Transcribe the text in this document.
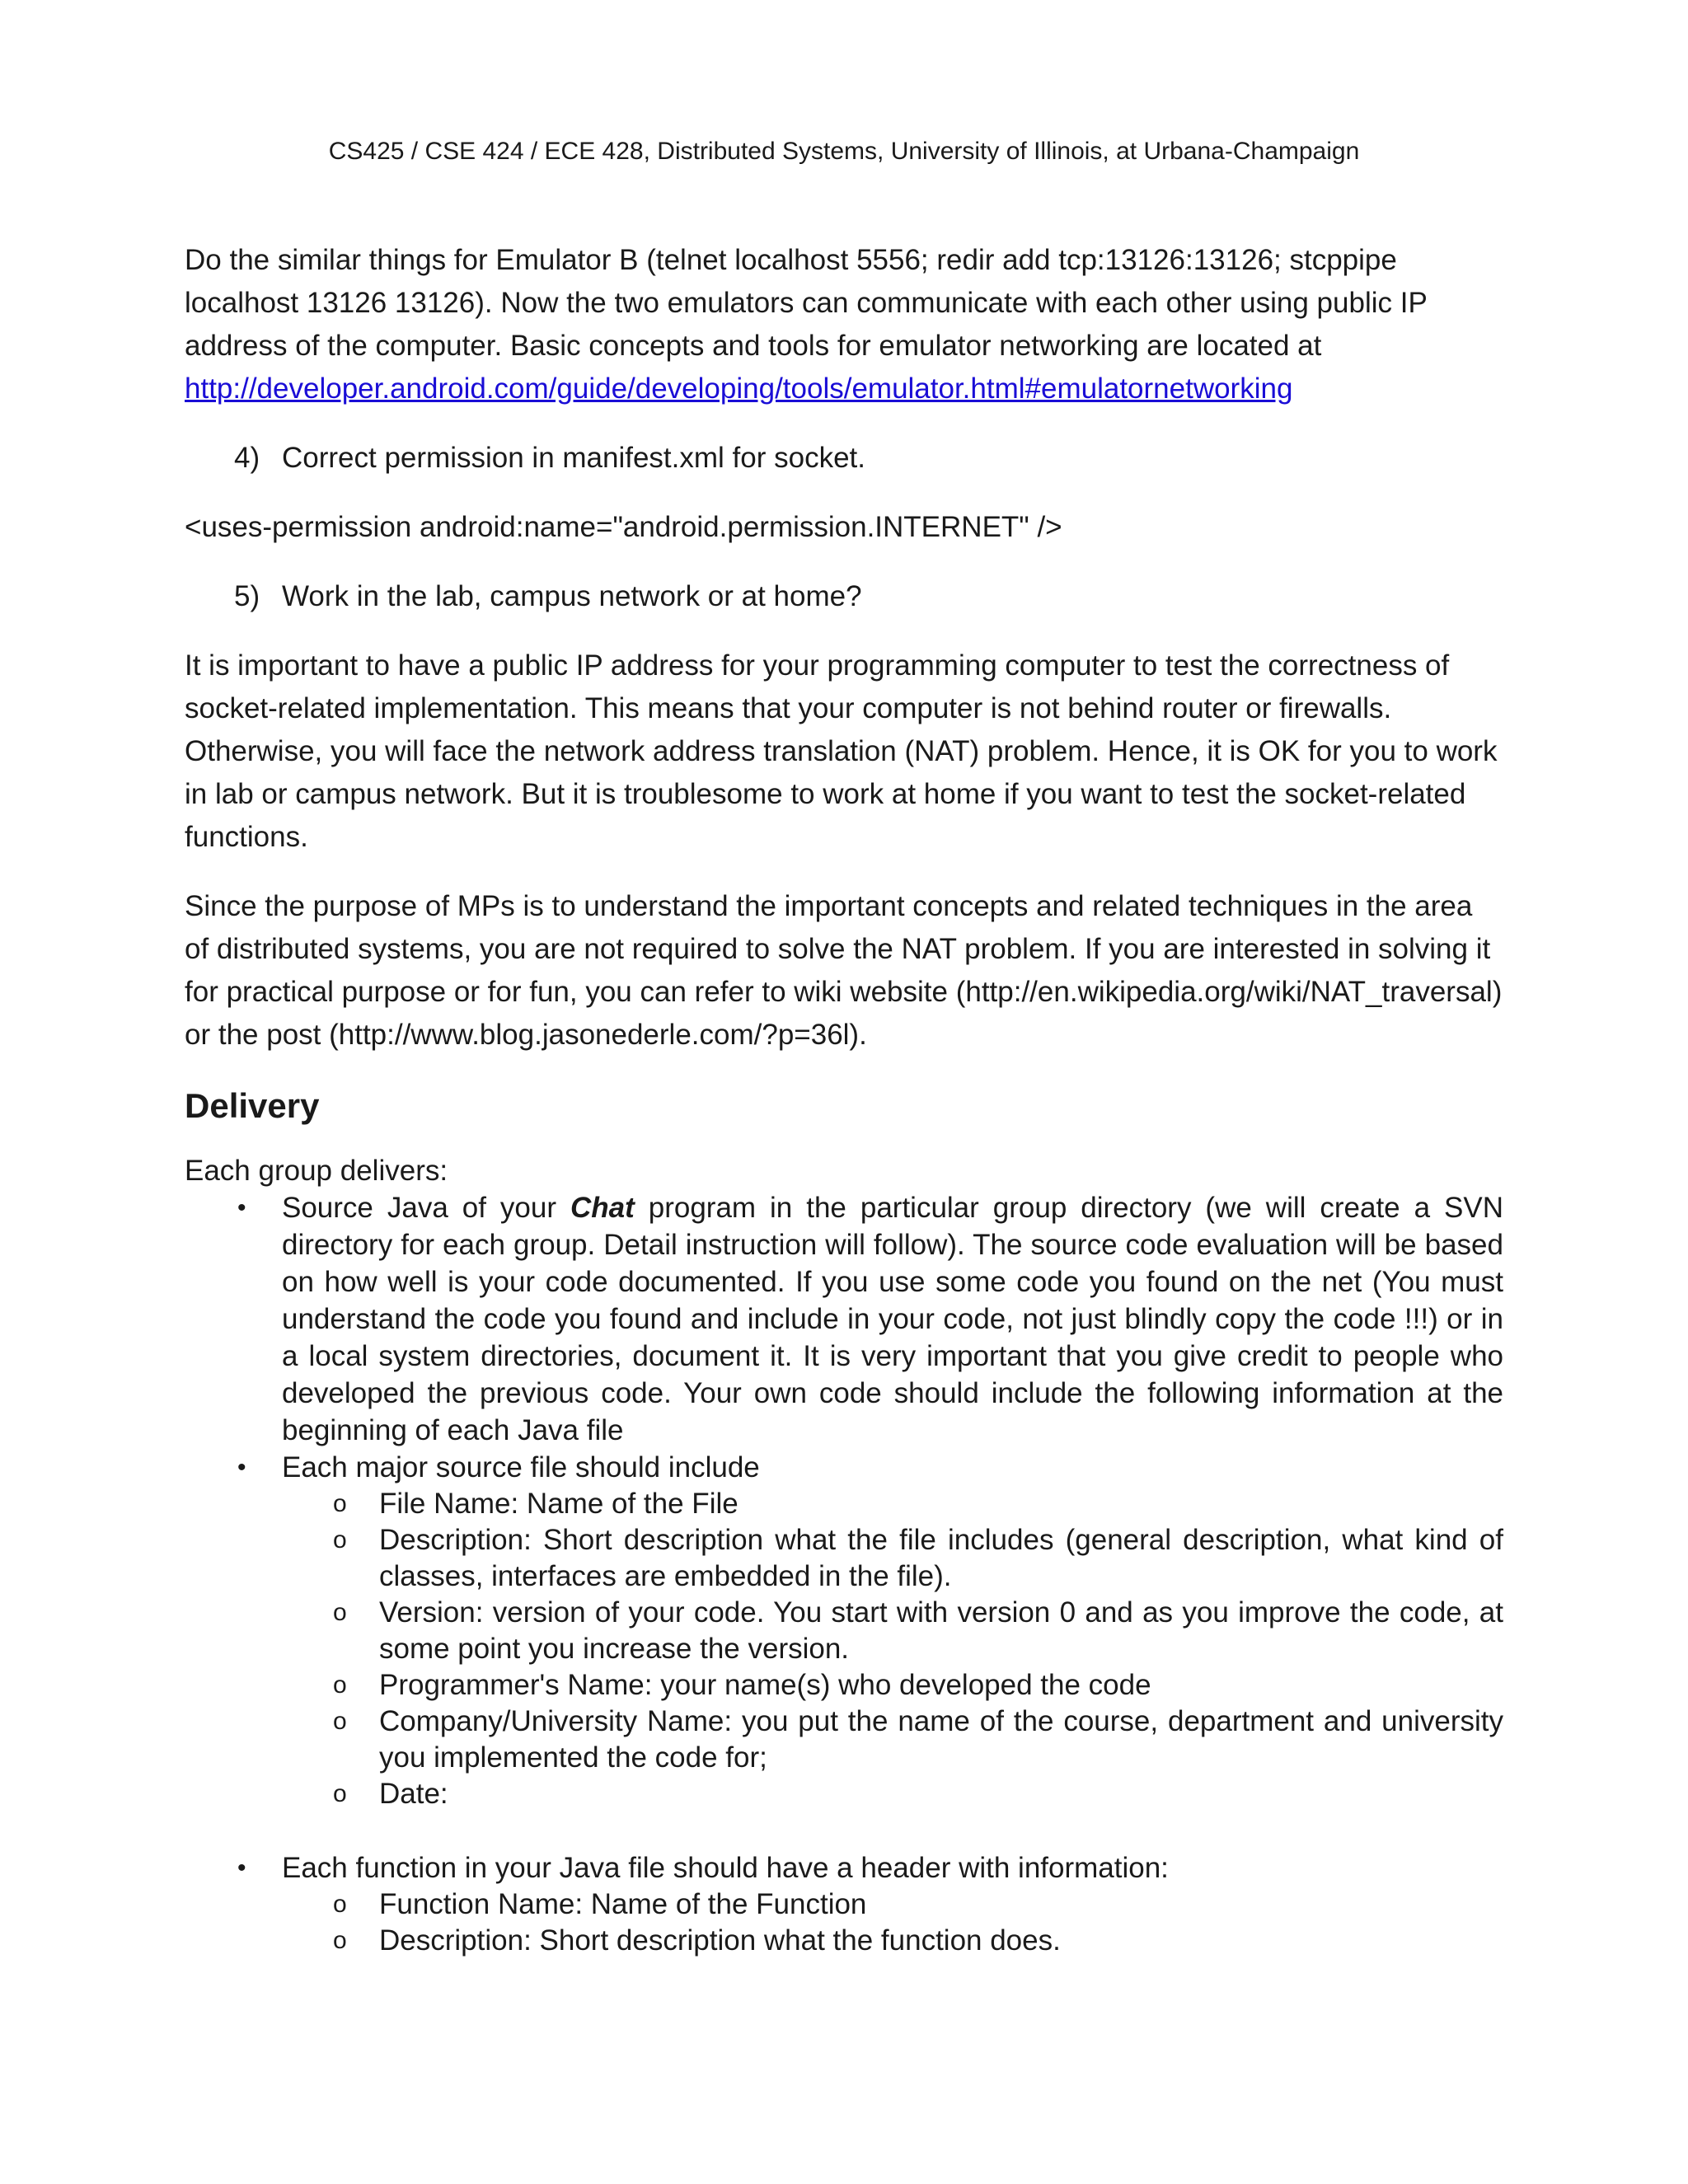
CS425 / CSE 424 / ECE 428, Distributed Systems, University of Illinois, at Urbana-Champaign

Do the similar things for Emulator B (telnet localhost 5556; redir add tcp:13126:13126; stcppipe localhost 13126 13126). Now the two emulators can communicate with each other using public IP address of the computer. Basic concepts and tools for emulator networking are located at
http://developer.android.com/guide/developing/tools/emulator.html#emulatornetworking

4) Correct permission in manifest.xml for socket.
<uses-permission android:name="android.permission.INTERNET" />
5) Work in the lab, campus network or at home?

It is important to have a public IP address for your programming computer to test the correctness of socket-related implementation. This means that your computer is not behind router or firewalls. Otherwise, you will face the network address translation (NAT) problem. Hence, it is OK for you to work in lab or campus network. But it is troublesome to work at home if you want to test the socket-related functions.

Since the purpose of MPs is to understand the important concepts and related techniques in the area of distributed systems, you are not required to solve the NAT problem. If you are interested in solving it for practical purpose or for fun, you can refer to wiki website (http://en.wikipedia.org/wiki/NAT_traversal) or the post (http://www.blog.jasonederle.com/?p=36l).

Delivery

Each group delivers:

• Source Java of your Chat program in the particular group directory (we will create a SVN directory for each group. Detail instruction will follow). The source code evaluation will be based on how well is your code documented. If you use some code you found on the net (You must understand the code you found and include in your code, not just blindly copy the code !!!) or in a local system directories, document it. It is very important that you give credit to people who developed the previous code. Your own code should include the following information at the beginning of each Java file
• Each major source file should include
o File Name: Name of the File
o Description: Short description what the file includes (general description, what kind of classes, interfaces are embedded in the file).
o Version: version of your code. You start with version 0 and as you improve the code, at some point you increase the version.
o Programmer's Name: your name(s) who developed the code
o Company/University Name: you put the name of the course, department and university you implemented the code for;
o Date:
• Each function in your Java file should have a header with information:
o Function Name: Name of the Function
o Description: Short description what the function does.
